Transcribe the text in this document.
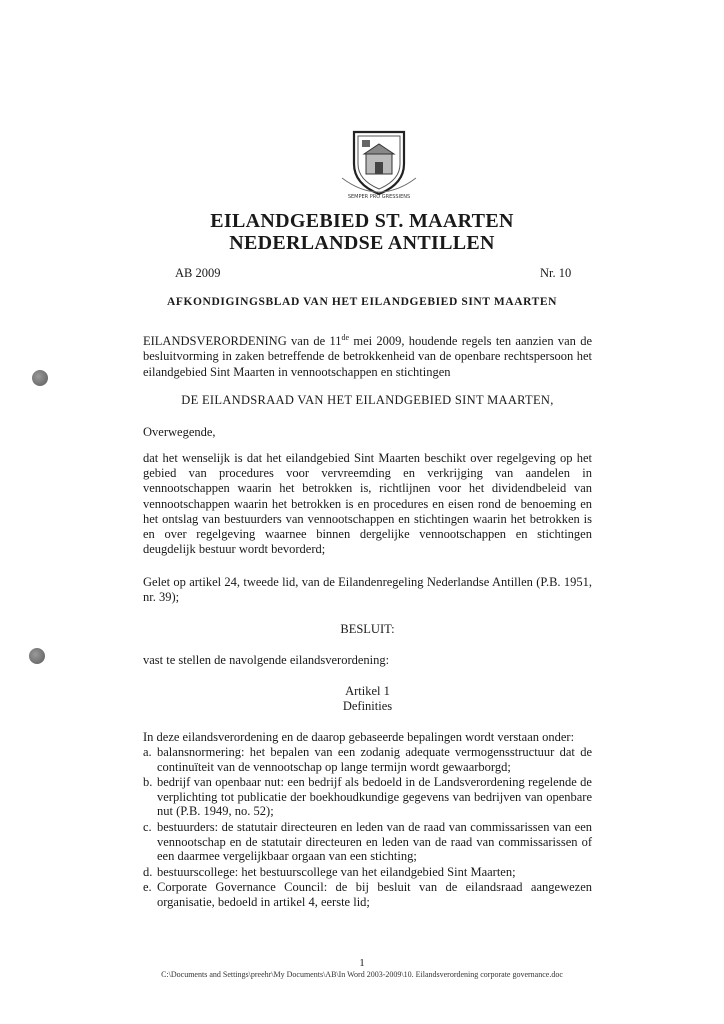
SEMPER PRO GRESSIENS
EILANDGEBIED ST. MAARTEN
NEDERLANDSE ANTILLEN
AB 2009	Nr. 10
AFKONDIGINGSBLAD VAN HET EILANDGEBIED SINT MAARTEN
EILANDSVERORDENING van de 11de mei 2009, houdende regels ten aanzien van de besluitvorming in zaken betreffende de betrokkenheid van de openbare rechtspersoon het eilandgebied Sint Maarten in vennootschappen en stichtingen
DE EILANDSRAAD VAN HET EILANDGEBIED SINT MAARTEN,
Overwegende,
dat het wenselijk is dat het eilandgebied Sint Maarten beschikt over regelgeving op het gebied van procedures voor vervreemding en verkrijging van aandelen in vennootschappen waarin het betrokken is, richtlijnen voor het dividendbeleid van vennootschappen waarin het betrokken is en procedures en eisen rond de benoeming en het ontslag van bestuurders van vennootschappen en stichtingen waarin het betrokken is en over regelgeving waarnee binnen dergelijke vennootschappen en stichtingen deugdelijk bestuur wordt bevorderd;
Gelet op artikel 24, tweede lid, van de Eilandenregeling Nederlandse Antillen (P.B. 1951, nr. 39);
BESLUIT:
vast te stellen de navolgende eilandsverordening:
Artikel 1
Definities
In deze eilandsverordening en de daarop gebaseerde bepalingen wordt verstaan onder:
a. balansnormering: het bepalen van een zodanig adequate vermogensstructuur dat de continuïteit van de vennootschap op lange termijn wordt gewaarborgd;
b. bedrijf van openbaar nut: een bedrijf als bedoeld in de Landsverordening regelende de verplichting tot publicatie der boekhoudkundige gegevens van bedrijven van openbare nut (P.B. 1949, no. 52);
c. bestuurders: de statutair directeuren en leden van de raad van commissarissen van een vennootschap en de statutair directeuren en leden van de raad van commissarissen of een daarmee vergelijkbaar orgaan van een stichting;
d. bestuurscollege: het bestuurscollege van het eilandgebied Sint Maarten;
e. Corporate Governance Council: de bij besluit van de eilandsraad aangewezen organisatie, bedoeld in artikel 4, eerste lid;
1
C:\Documents and Settings\preehr\My Documents\AB\In Word 2003-2009\10. Eilandsverordening corporate governance.doc
